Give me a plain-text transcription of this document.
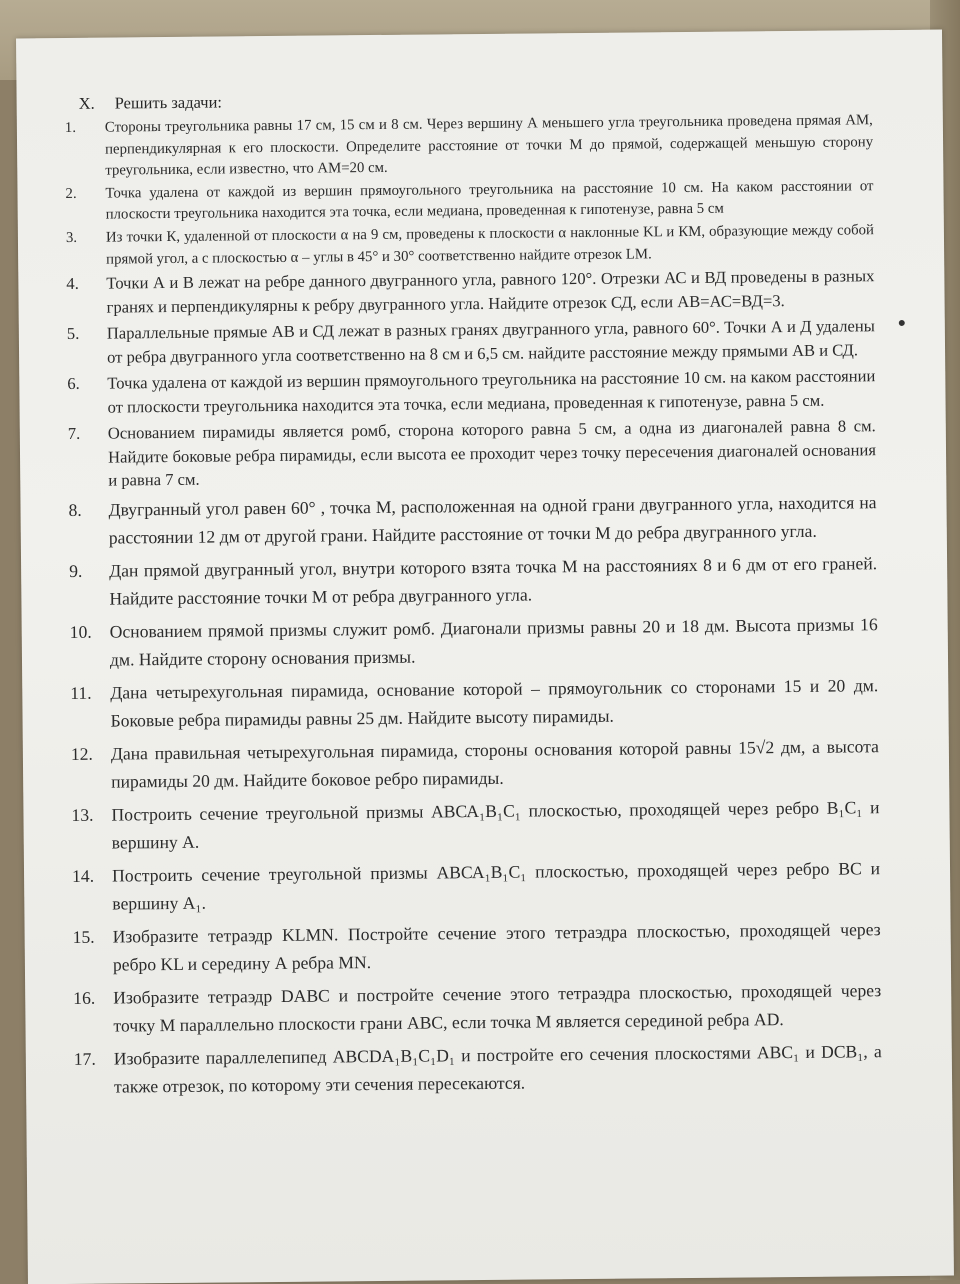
X. Решить задачи:
1.	Стороны треугольника равны 17 см, 15 см и 8 см. Через вершину А меньшего угла треугольника проведена прямая АМ, перпендикулярная к его плоскости. Определите расстояние от точки М до прямой, содержащей меньшую сторону треугольника, если известно, что АМ=20 см.
2.	Точка удалена от каждой из вершин прямоугольного треугольника на расстояние 10 см. На каком расстоянии от плоскости треугольника находится эта точка, если медиана, проведенная к гипотенузе, равна 5 см
3.	Из точки К, удаленной от плоскости α на 9 см, проведены к плоскости α наклонные KL и КМ, образующие между собой прямой угол, а с плоскостью α – углы в 45° и 30° соответственно найдите отрезок LM.
4.	Точки А и В лежат на ребре данного двугранного угла, равного 120°. Отрезки АС и ВД проведены в разных гранях и перпендикулярны к ребру двугранного угла. Найдите отрезок СД, если АВ=АС=ВД=3.
5.	Параллельные прямые АВ и СД лежат в разных гранях двугранного угла, равного 60°. Точки А и Д удалены от ребра двугранного угла соответственно на 8 см и 6,5 см. найдите расстояние между прямыми АВ и СД.
6.	Точка удалена от каждой из вершин прямоугольного треугольника на расстояние 10 см. на каком расстоянии от плоскости треугольника находится эта точка, если медиана, проведенная к гипотенузе, равна 5 см.
7.	Основанием пирамиды является ромб, сторона которого равна 5 см, а одна из диагоналей равна 8 см. Найдите боковые ребра пирамиды, если высота ее проходит через точку пересечения диагоналей основания и равна 7 см.
8.	Двугранный угол равен 60° , точка М, расположенная на одной грани двугранного угла, находится на расстоянии 12 дм от другой грани. Найдите расстояние от точки М до ребра двугранного угла.
9.	Дан прямой двугранный угол, внутри которого взята точка М на расстояниях 8 и 6 дм от его граней. Найдите расстояние точки М от ребра двугранного угла.
10.	Основанием прямой призмы служит ромб. Диагонали призмы равны 20 и 18 дм. Высота призмы 16 дм. Найдите сторону основания призмы.
11.	Дана четырехугольная пирамида, основание которой – прямоугольник со сторонами 15 и 20 дм. Боковые ребра пирамиды равны 25 дм. Найдите высоту пирамиды.
12.	Дана правильная четырехугольная пирамида, стороны основания которой равны 15√2 дм, а высота пирамиды 20 дм. Найдите боковое ребро пирамиды.
13.	Построить сечение треугольной призмы АВСА₁В₁С₁ плоскостью, проходящей через ребро В₁С₁ и вершину А.
14.	Построить сечение треугольной призмы АВСА₁В₁С₁ плоскостью, проходящей через ребро ВС и вершину А₁.
15.	Изобразите тетраэдр KLMN. Постройте сечение этого тетраэдра плоскостью, проходящей через ребро KL и середину А ребра MN.
16.	Изобразите тетраэдр DABC и постройте сечение этого тетраэдра плоскостью, проходящей через точку М параллельно плоскости грани АВС, если точка М является серединой ребра AD.
17.	Изобразите параллелепипед ABCDA₁B₁C₁D₁ и постройте его сечения плоскостями ABC₁ и DCB₁, а также отрезок, по которому эти сечения пересекаются.
